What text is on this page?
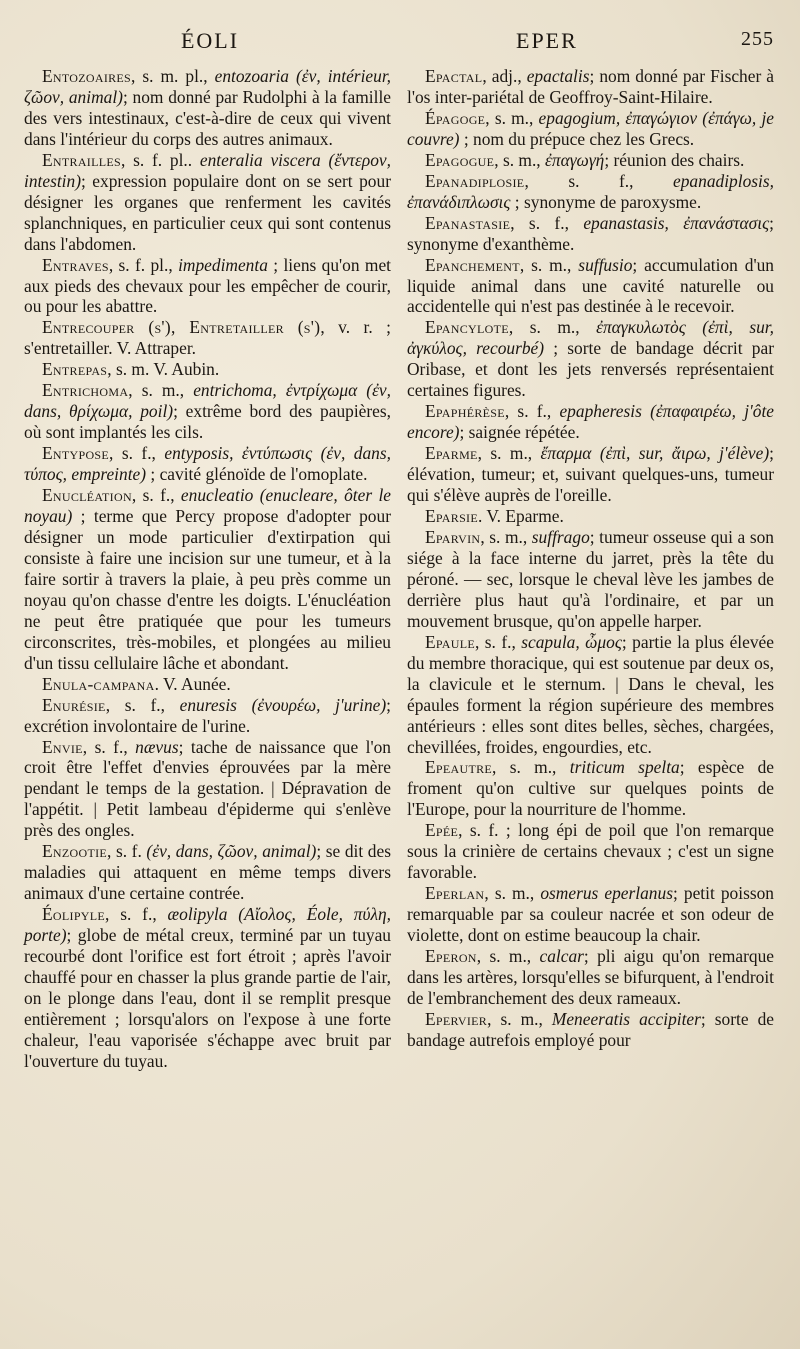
ÉOLI	EPER	255

Entozoaires, s. m. pl., entozoaria (ἐν, intérieur, ζῶον, animal); nom donné par Rudolphi à la famille des vers intestinaux, c'est-à-dire de ceux qui vivent dans l'intérieur du corps des autres animaux.

Entrailles, s. f. pl.. enteralia viscera (ἔντερον, intestin); expression populaire dont on se sert pour désigner les organes que renferment les cavités splanchniques, en particulier ceux qui sont contenus dans l'abdomen.

Entraves, s. f. pl., impedimenta ; liens qu'on met aux pieds des chevaux pour les empêcher de courir, ou pour les abattre.

Entrecouper (s'), Entretailler (s'), v. r. ; s'entretailler. V. Attraper.

Entrepas, s. m. V. Aubin.

Entrichoma, s. m., entrichoma, ἐντρίχωμα (ἐν, dans, θρίχωμα, poil); extrême bord des paupières, où sont implantés les cils.

Entypose, s. f., entyposis, ἐντύπωσις (ἐν, dans, τύπος, empreinte) ; cavité glénoïde de l'omoplate.

Enucléation, s. f., enucleatio (enucleare, ôter le noyau) ; terme que Percy propose d'adopter pour désigner un mode particulier d'extirpation qui consiste à faire une incision sur une tumeur, et à la faire sortir à travers la plaie, à peu près comme un noyau qu'on chasse d'entre les doigts. L'énucléation ne peut être pratiquée que pour les tumeurs circonscrites, très-mobiles, et plongées au milieu d'un tissu cellulaire lâche et abondant.

Enula-campana. V. Aunée.

Enurésie, s. f., enuresis (ἐνουρέω, j'urine); excrétion involontaire de l'urine.

Envie, s. f., nævus; tache de naissance que l'on croit être l'effet d'envies éprouvées par la mère pendant le temps de la gestation. | Dépravation de l'appétit. | Petit lambeau d'épiderme qui s'enlève près des ongles.

Enzootie, s. f. (ἐν, dans, ζῶον, animal); se dit des maladies qui attaquent en même temps divers animaux d'une certaine contrée.

Éolipyle, s. f., æolipyla (Αἴολος, Éole, πύλη, porte); globe de métal creux, terminé par un tuyau recourbé dont l'orifice est fort étroit ; après l'avoir chauffé pour en chasser la plus grande partie de l'air, on le plonge dans l'eau, dont il se remplit presque entièrement ; lorsqu'alors on l'expose à une forte chaleur, l'eau vaporisée s'échappe avec bruit par l'ouverture du tuyau.

Epactal, adj., epactalis; nom donné par Fischer à l'os inter-pariétal de Geoffroy-Saint-Hilaire.

Épagoge, s. m., epagogium, ἐπαγώγιον (ἐπάγω, je couvre) ; nom du prépuce chez les Grecs.

Epagogue, s. m., ἐπαγωγή; réunion des chairs.

Epanadiplosie, s. f., epanadiplosis, ἐπανάδιπλωσις ; synonyme de paroxysme.

Epanastasie, s. f., epanastasis, ἐπανάστασις; synonyme d'exanthème.

Epanchement, s. m., suffusio; accumulation d'un liquide animal dans une cavité naturelle ou accidentelle qui n'est pas destinée à le recevoir.

Epancylote, s. m., ἐπαγκυλωτὸς (ἐπὶ, sur, ἀγκύλος, recourbé) ; sorte de bandage décrit par Oribase, et dont les jets renversés représentaient certaines figures.

Epaphérèse, s. f., epapheresis (ἐπαφαιρέω, j'ôte encore); saignée répétée.

Eparme, s. m., ἔπαρμα (ἐπὶ, sur, ἄιρω, j'élève); élévation, tumeur; et, suivant quelques-uns, tumeur qui s'élève auprès de l'oreille.

Eparsie. V. Eparme.

Eparvin, s. m., suffrago; tumeur osseuse qui a son siége à la face interne du jarret, près la tête du péroné. — sec, lorsque le cheval lève les jambes de derrière plus haut qu'à l'ordinaire, et par un mouvement brusque, qu'on appelle harper.

Epaule, s. f., scapula, ὦμος; partie la plus élevée du membre thoracique, qui est soutenue par deux os, la clavicule et le sternum. | Dans le cheval, les épaules forment la région supérieure des membres antérieurs : elles sont dites belles, sèches, chargées, chevillées, froides, engourdies, etc.

Epeautre, s. m., triticum spelta; espèce de froment qu'on cultive sur quelques points de l'Europe, pour la nourriture de l'homme.

Epée, s. f. ; long épi de poil que l'on remarque sous la crinière de certains chevaux ; c'est un signe favorable.

Eperlan, s. m., osmerus eperlanus; petit poisson remarquable par sa couleur nacrée et son odeur de violette, dont on estime beaucoup la chair.

Eperon, s. m., calcar; pli aigu qu'on remarque dans les artères, lorsqu'elles se bifurquent, à l'endroit de l'embranchement des deux rameaux.

Epervier, s. m., Meneeratis accipiter; sorte de bandage autrefois employé pour
